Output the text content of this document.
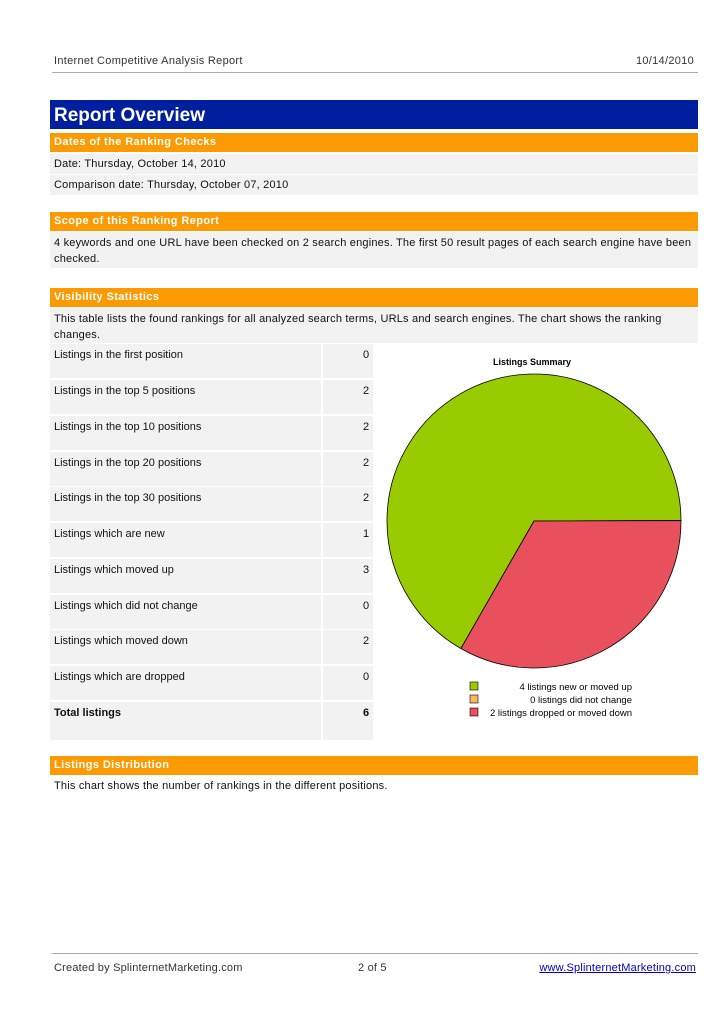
Internet Competitive Analysis Report	10/14/2010
Report Overview
Dates of the Ranking Checks
Date: Thursday, October 14, 2010
Comparison date: Thursday, October 07, 2010
Scope of this Ranking Report
4 keywords and one URL have been checked on 2 search engines. The first 50 result pages of each search engine have been checked.
Visibility Statistics
This table lists the found rankings for all analyzed search terms, URLs and search engines. The chart shows the ranking changes.
Listings in the first position	0
Listings in the top 5 positions	2
Listings in the top 10 positions	2
Listings in the top 20 positions	2
Listings in the top 30 positions	2
Listings which are new	1
Listings which moved up	3
Listings which did not change	0
Listings which moved down	2
Listings which are dropped	0
Total listings	6
Listings Summary
4 listings new or moved up
0 listings did not change
2 listings dropped or moved down
Listings Distribution
This chart shows the number of rankings in the different positions.
Created by SplinternetMarketing.com	2 of 5	www.SplinternetMarketing.com
